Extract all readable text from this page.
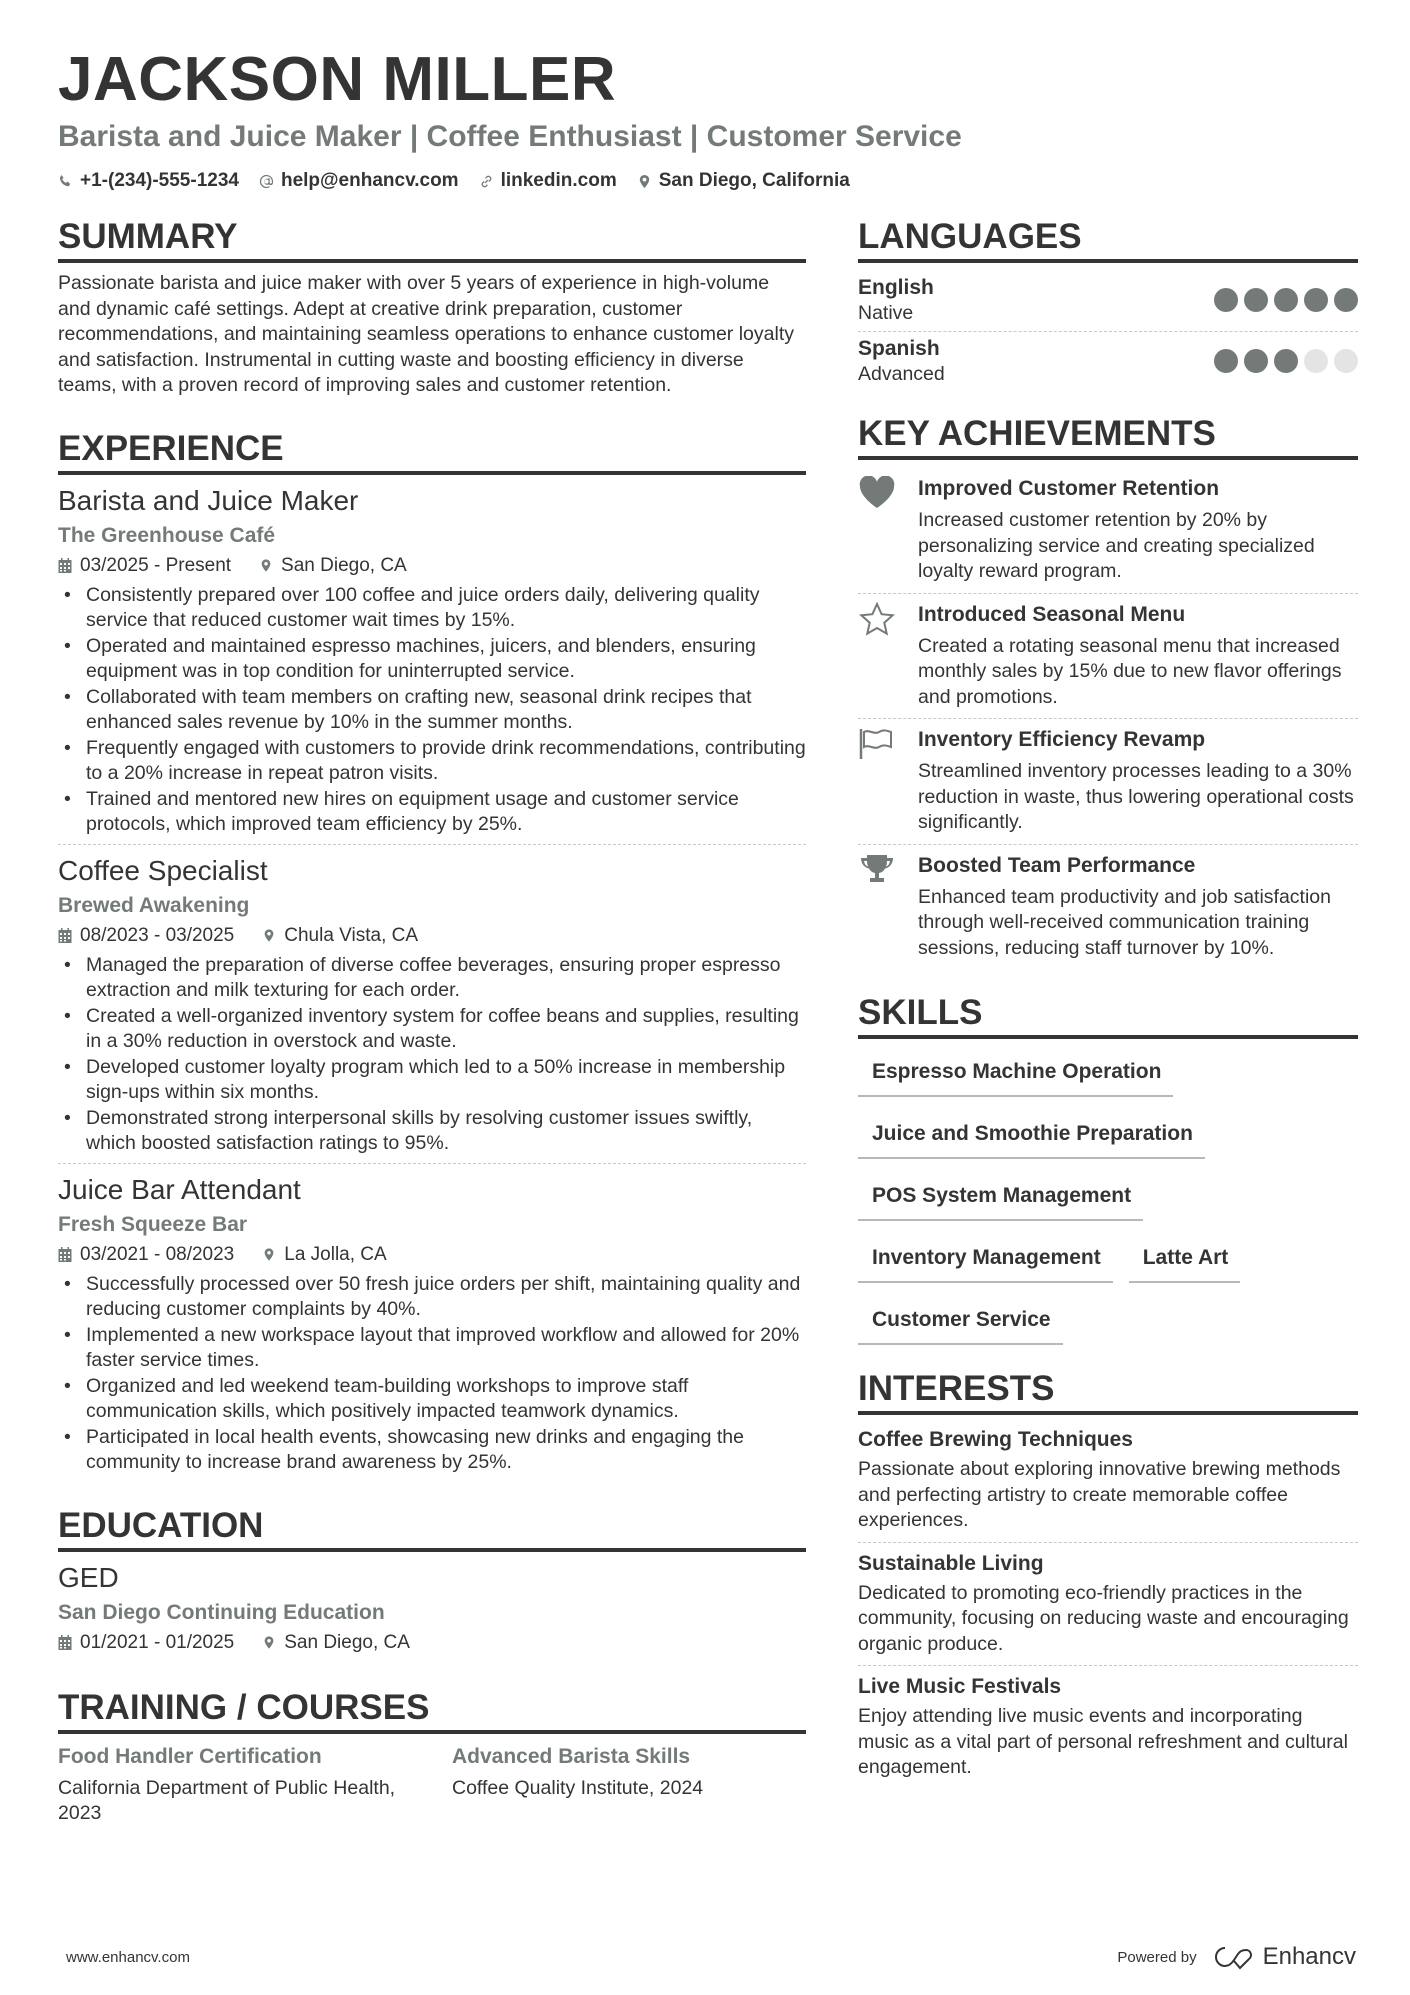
JACKSON MILLER
Barista and Juice Maker | Coffee Enthusiast | Customer Service
+1-(234)-555-1234 help@enhancv.com linkedin.com San Diego, California
SUMMARY
Passionate barista and juice maker with over 5 years of experience in high-volume and dynamic café settings. Adept at creative drink preparation, customer recommendations, and maintaining seamless operations to enhance customer loyalty and satisfaction. Instrumental in cutting waste and boosting efficiency in diverse teams, with a proven record of improving sales and customer retention.
EXPERIENCE
Barista and Juice Maker
The Greenhouse Café
03/2025 - Present	San Diego, CA
• Consistently prepared over 100 coffee and juice orders daily, delivering quality service that reduced customer wait times by 15%.
• Operated and maintained espresso machines, juicers, and blenders, ensuring equipment was in top condition for uninterrupted service.
• Collaborated with team members on crafting new, seasonal drink recipes that enhanced sales revenue by 10% in the summer months.
• Frequently engaged with customers to provide drink recommendations, contributing to a 20% increase in repeat patron visits.
• Trained and mentored new hires on equipment usage and customer service protocols, which improved team efficiency by 25%.
Coffee Specialist
Brewed Awakening
08/2023 - 03/2025	Chula Vista, CA
• Managed the preparation of diverse coffee beverages, ensuring proper espresso extraction and milk texturing for each order.
• Created a well-organized inventory system for coffee beans and supplies, resulting in a 30% reduction in overstock and waste.
• Developed customer loyalty program which led to a 50% increase in membership sign-ups within six months.
• Demonstrated strong interpersonal skills by resolving customer issues swiftly, which boosted satisfaction ratings to 95%.
Juice Bar Attendant
Fresh Squeeze Bar
03/2021 - 08/2023	La Jolla, CA
• Successfully processed over 50 fresh juice orders per shift, maintaining quality and reducing customer complaints by 40%.
• Implemented a new workspace layout that improved workflow and allowed for 20% faster service times.
• Organized and led weekend team-building workshops to improve staff communication skills, which positively impacted teamwork dynamics.
• Participated in local health events, showcasing new drinks and engaging the community to increase brand awareness by 25%.
EDUCATION
GED
San Diego Continuing Education
01/2021 - 01/2025	San Diego, CA
TRAINING / COURSES
Food Handler Certification
California Department of Public Health, 2023
Advanced Barista Skills
Coffee Quality Institute, 2024
LANGUAGES
English
Native
Spanish
Advanced
KEY ACHIEVEMENTS
Improved Customer Retention
Increased customer retention by 20% by personalizing service and creating specialized loyalty reward program.
Introduced Seasonal Menu
Created a rotating seasonal menu that increased monthly sales by 15% due to new flavor offerings and promotions.
Inventory Efficiency Revamp
Streamlined inventory processes leading to a 30% reduction in waste, thus lowering operational costs significantly.
Boosted Team Performance
Enhanced team productivity and job satisfaction through well-received communication training sessions, reducing staff turnover by 10%.
SKILLS
Espresso Machine Operation
Juice and Smoothie Preparation
POS System Management
Inventory Management	Latte Art
Customer Service
INTERESTS
Coffee Brewing Techniques
Passionate about exploring innovative brewing methods and perfecting artistry to create memorable coffee experiences.
Sustainable Living
Dedicated to promoting eco-friendly practices in the community, focusing on reducing waste and encouraging organic produce.
Live Music Festivals
Enjoy attending live music events and incorporating music as a vital part of personal refreshment and cultural engagement.
www.enhancv.com	Powered by	Enhancv
